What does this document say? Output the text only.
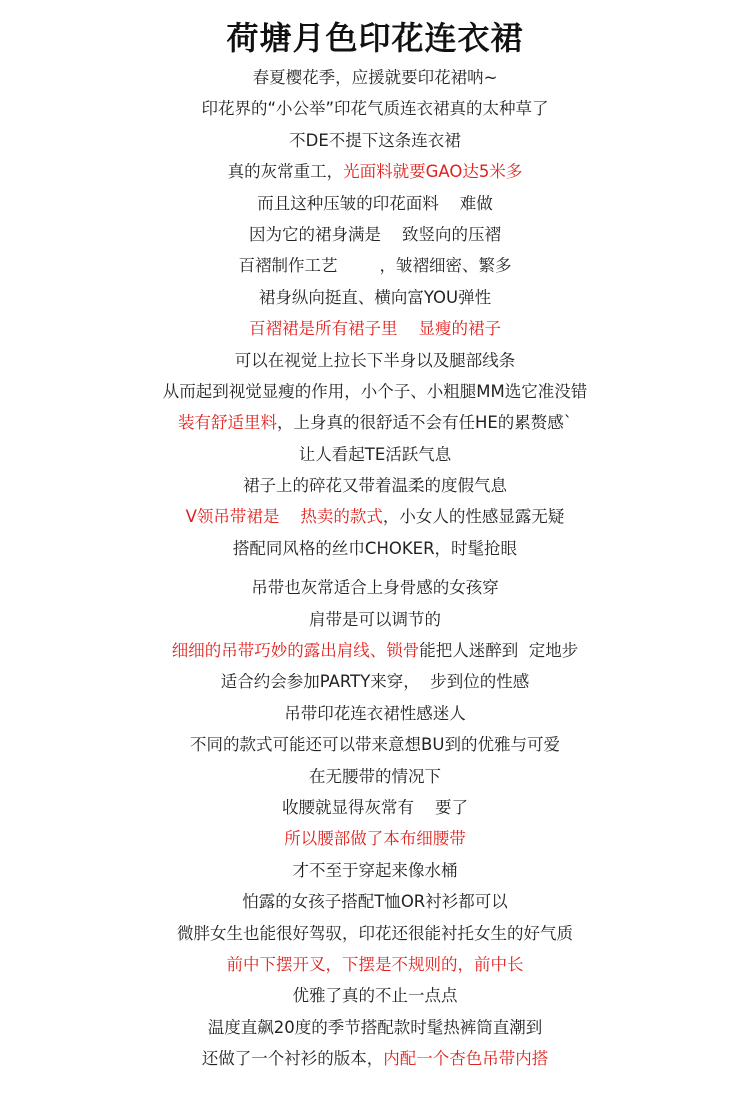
荷塘月色印花连衣裙
春夏樱花季，应援就要印花裙呐~
印花界的“小公举”印花气质连衣裙真的太种草了
不DE不提下这条连衣裙
真的灰常重工，光面料就要GAO达5米多
而且这种压皱的印花面料    难做
因为它的裙身满是    致竖向的压褶
百褶制作工艺        ，皱褶细密、繁多
裙身纵向挺直、横向富YOU弹性
百褶裙是所有裙子里    显瘦的裙子
可以在视觉上拉长下半身以及腿部线条
从而起到视觉显瘦的作用，小个子、小粗腿MM选它准没错
装有舒适里料，上身真的很舒适不会有任HE的累赘感`
让人看起TE活跃气息
裙子上的碎花又带着温柔的度假气息
V领吊带裙是    热卖的款式，小女人的性感显露无疑
搭配同风格的丝巾CHOKER，时髦抢眼
吊带也灰常适合上身骨感的女孩穿
肩带是可以调节的
细细的吊带巧妙的露出肩线、锁骨能把人迷醉到  定地步
适合约会参加PARTY来穿，  步到位的性感
吊带印花连衣裙性感迷人
不同的款式可能还可以带来意想BU到的优雅与可爱
在无腰带的情况下
收腰就显得灰常有    要了
所以腰部做了本布细腰带
才不至于穿起来像水桶
怕露的女孩子搭配T恤OR衬衫都可以
微胖女生也能很好驾驭，印花还很能衬托女生的好气质
前中下摆开叉，下摆是不规则的，前中长
优雅了真的不止一点点
温度直飙20度的季节搭配款时髦热裤筒直潮到
还做了一个衬衫的版本，内配一个杏色吊带内搭
